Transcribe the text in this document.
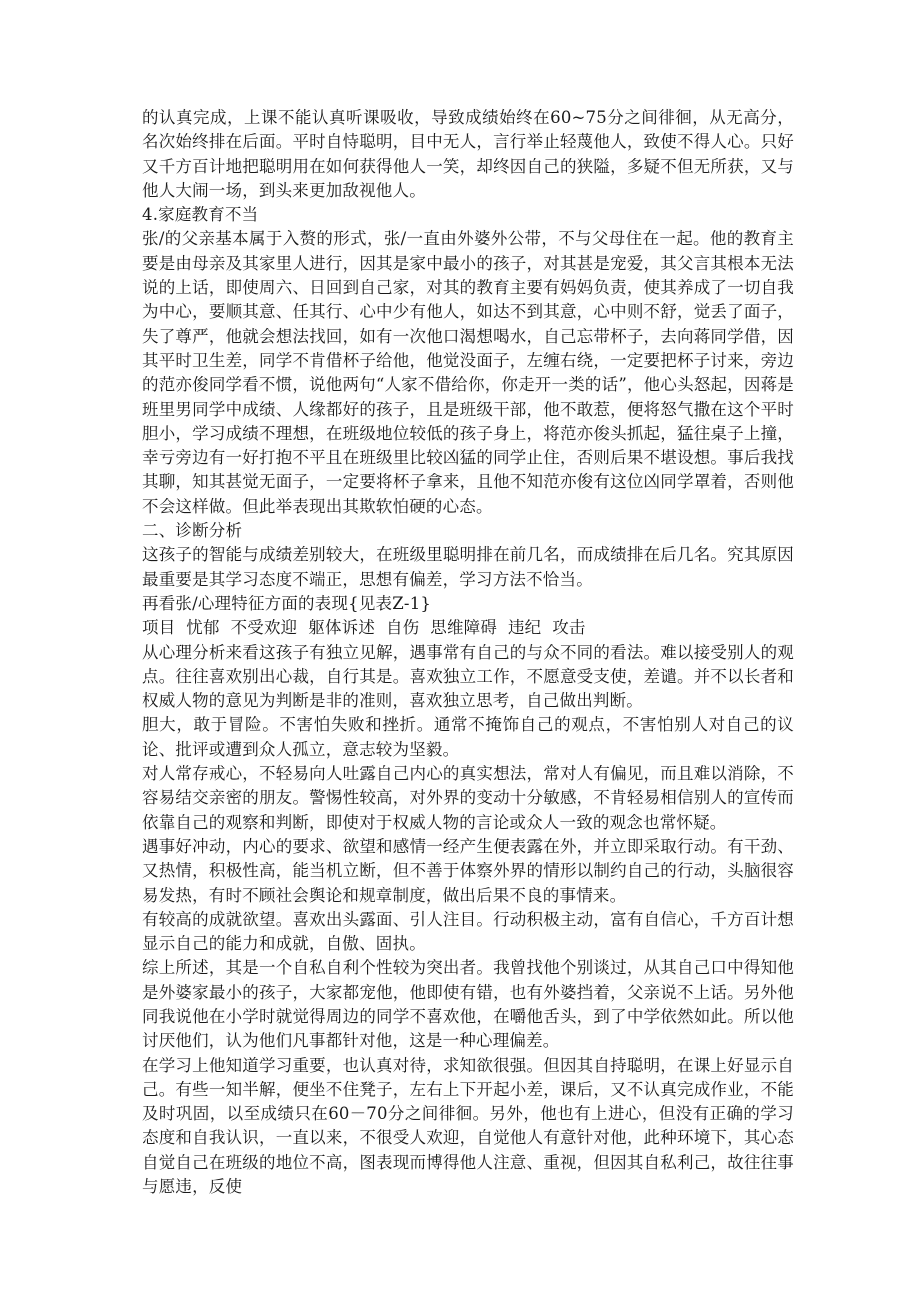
的认真完成，上课不能认真听课吸收，导致成绩始终在60~75分之间徘徊，从无高分，名次始终排在后面。平时自恃聪明，目中无人，言行举止轻蔑他人，致使不得人心。只好又千方百计地把聪明用在如何获得他人一笑，却终因自己的狭隘，多疑不但无所获，又与他人大闹一场，到头来更加敌视他人。

4.家庭教育不当

张/的父亲基本属于入赘的形式，张/一直由外婆外公带，不与父母住在一起。他的教育主要是由母亲及其家里人进行，因其是家中最小的孩子，对其甚是宠爱，其父言其根本无法说的上话，即使周六、日回到自己家，对其的教育主要有妈妈负责，使其养成了一切自我为中心，要顺其意、任其行、心中少有他人，如达不到其意，心中则不舒，觉丢了面子，失了尊严，他就会想法找回，如有一次他口渴想喝水，自己忘带杯子，去向蒋同学借，因其平时卫生差，同学不肯借杯子给他，他觉没面子，左缠右绕，一定要把杯子讨来，旁边的范亦俊同学看不惯，说他两句“人家不借给你，你走开一类的话”，他心头怒起，因蒋是班里男同学中成绩、人缘都好的孩子，且是班级干部，他不敢惹，便将怒气撒在这个平时胆小，学习成绩不理想，在班级地位较低的孩子身上，将范亦俊头抓起，猛往桌子上撞，幸亏旁边有一好打抱不平且在班级里比较凶猛的同学止住，否则后果不堪设想。事后我找其聊，知其甚觉无面子，一定要将杯子拿来，且他不知范亦俊有这位凶同学罩着，否则他不会这样做。但此举表现出其欺软怕硬的心态。

二、诊断分析

这孩子的智能与成绩差别较大，在班级里聪明排在前几名，而成绩排在后几名。究其原因最重要是其学习态度不端正，思想有偏差，学习方法不恰当。

再看张/心理特征方面的表现{见表Z-1}

项目  忧郁  不受欢迎  躯体诉述  自伤  思维障碍  违纪  攻击

从心理分析来看这孩子有独立见解，遇事常有自己的与众不同的看法。难以接受别人的观点。往往喜欢别出心裁，自行其是。喜欢独立工作，不愿意受支使，差谴。并不以长者和权威人物的意见为判断是非的准则，喜欢独立思考，自己做出判断。

胆大，敢于冒险。不害怕失败和挫折。通常不掩饰自己的观点，不害怕别人对自己的议论、批评或遭到众人孤立，意志较为坚毅。

对人常存戒心，不轻易向人吐露自己内心的真实想法，常对人有偏见，而且难以消除，不容易结交亲密的朋友。警惕性较高，对外界的变动十分敏感，不肯轻易相信别人的宣传而依靠自己的观察和判断，即使对于权威人物的言论或众人一致的观念也常怀疑。

遇事好冲动，内心的要求、欲望和感情一经产生便表露在外，并立即采取行动。有干劲、又热情，积极性高，能当机立断，但不善于体察外界的情形以制约自己的行动，头脑很容易发热，有时不顾社会舆论和规章制度，做出后果不良的事情来。

有较高的成就欲望。喜欢出头露面、引人注目。行动积极主动，富有自信心，千方百计想显示自己的能力和成就，自傲、固执。

综上所述，其是一个自私自利个性较为突出者。我曾找他个别谈过，从其自己口中得知他是外婆家最小的孩子，大家都宠他，他即使有错，也有外婆挡着，父亲说不上话。另外他同我说他在小学时就觉得周边的同学不喜欢他，在嚼他舌头，到了中学依然如此。所以他讨厌他们，认为他们凡事都针对他，这是一种心理偏差。

在学习上他知道学习重要，也认真对待，求知欲很强。但因其自持聪明，在课上好显示自己。有些一知半解，便坐不住凳子，左右上下开起小差，课后，又不认真完成作业，不能及时巩固，以至成绩只在60－70分之间徘徊。另外，他也有上进心，但没有正确的学习态度和自我认识，一直以来，不很受人欢迎，自觉他人有意针对他，此种环境下，其心态自觉自己在班级的地位不高，图表现而博得他人注意、重视，但因其自私利己，故往往事与愿违，反使
